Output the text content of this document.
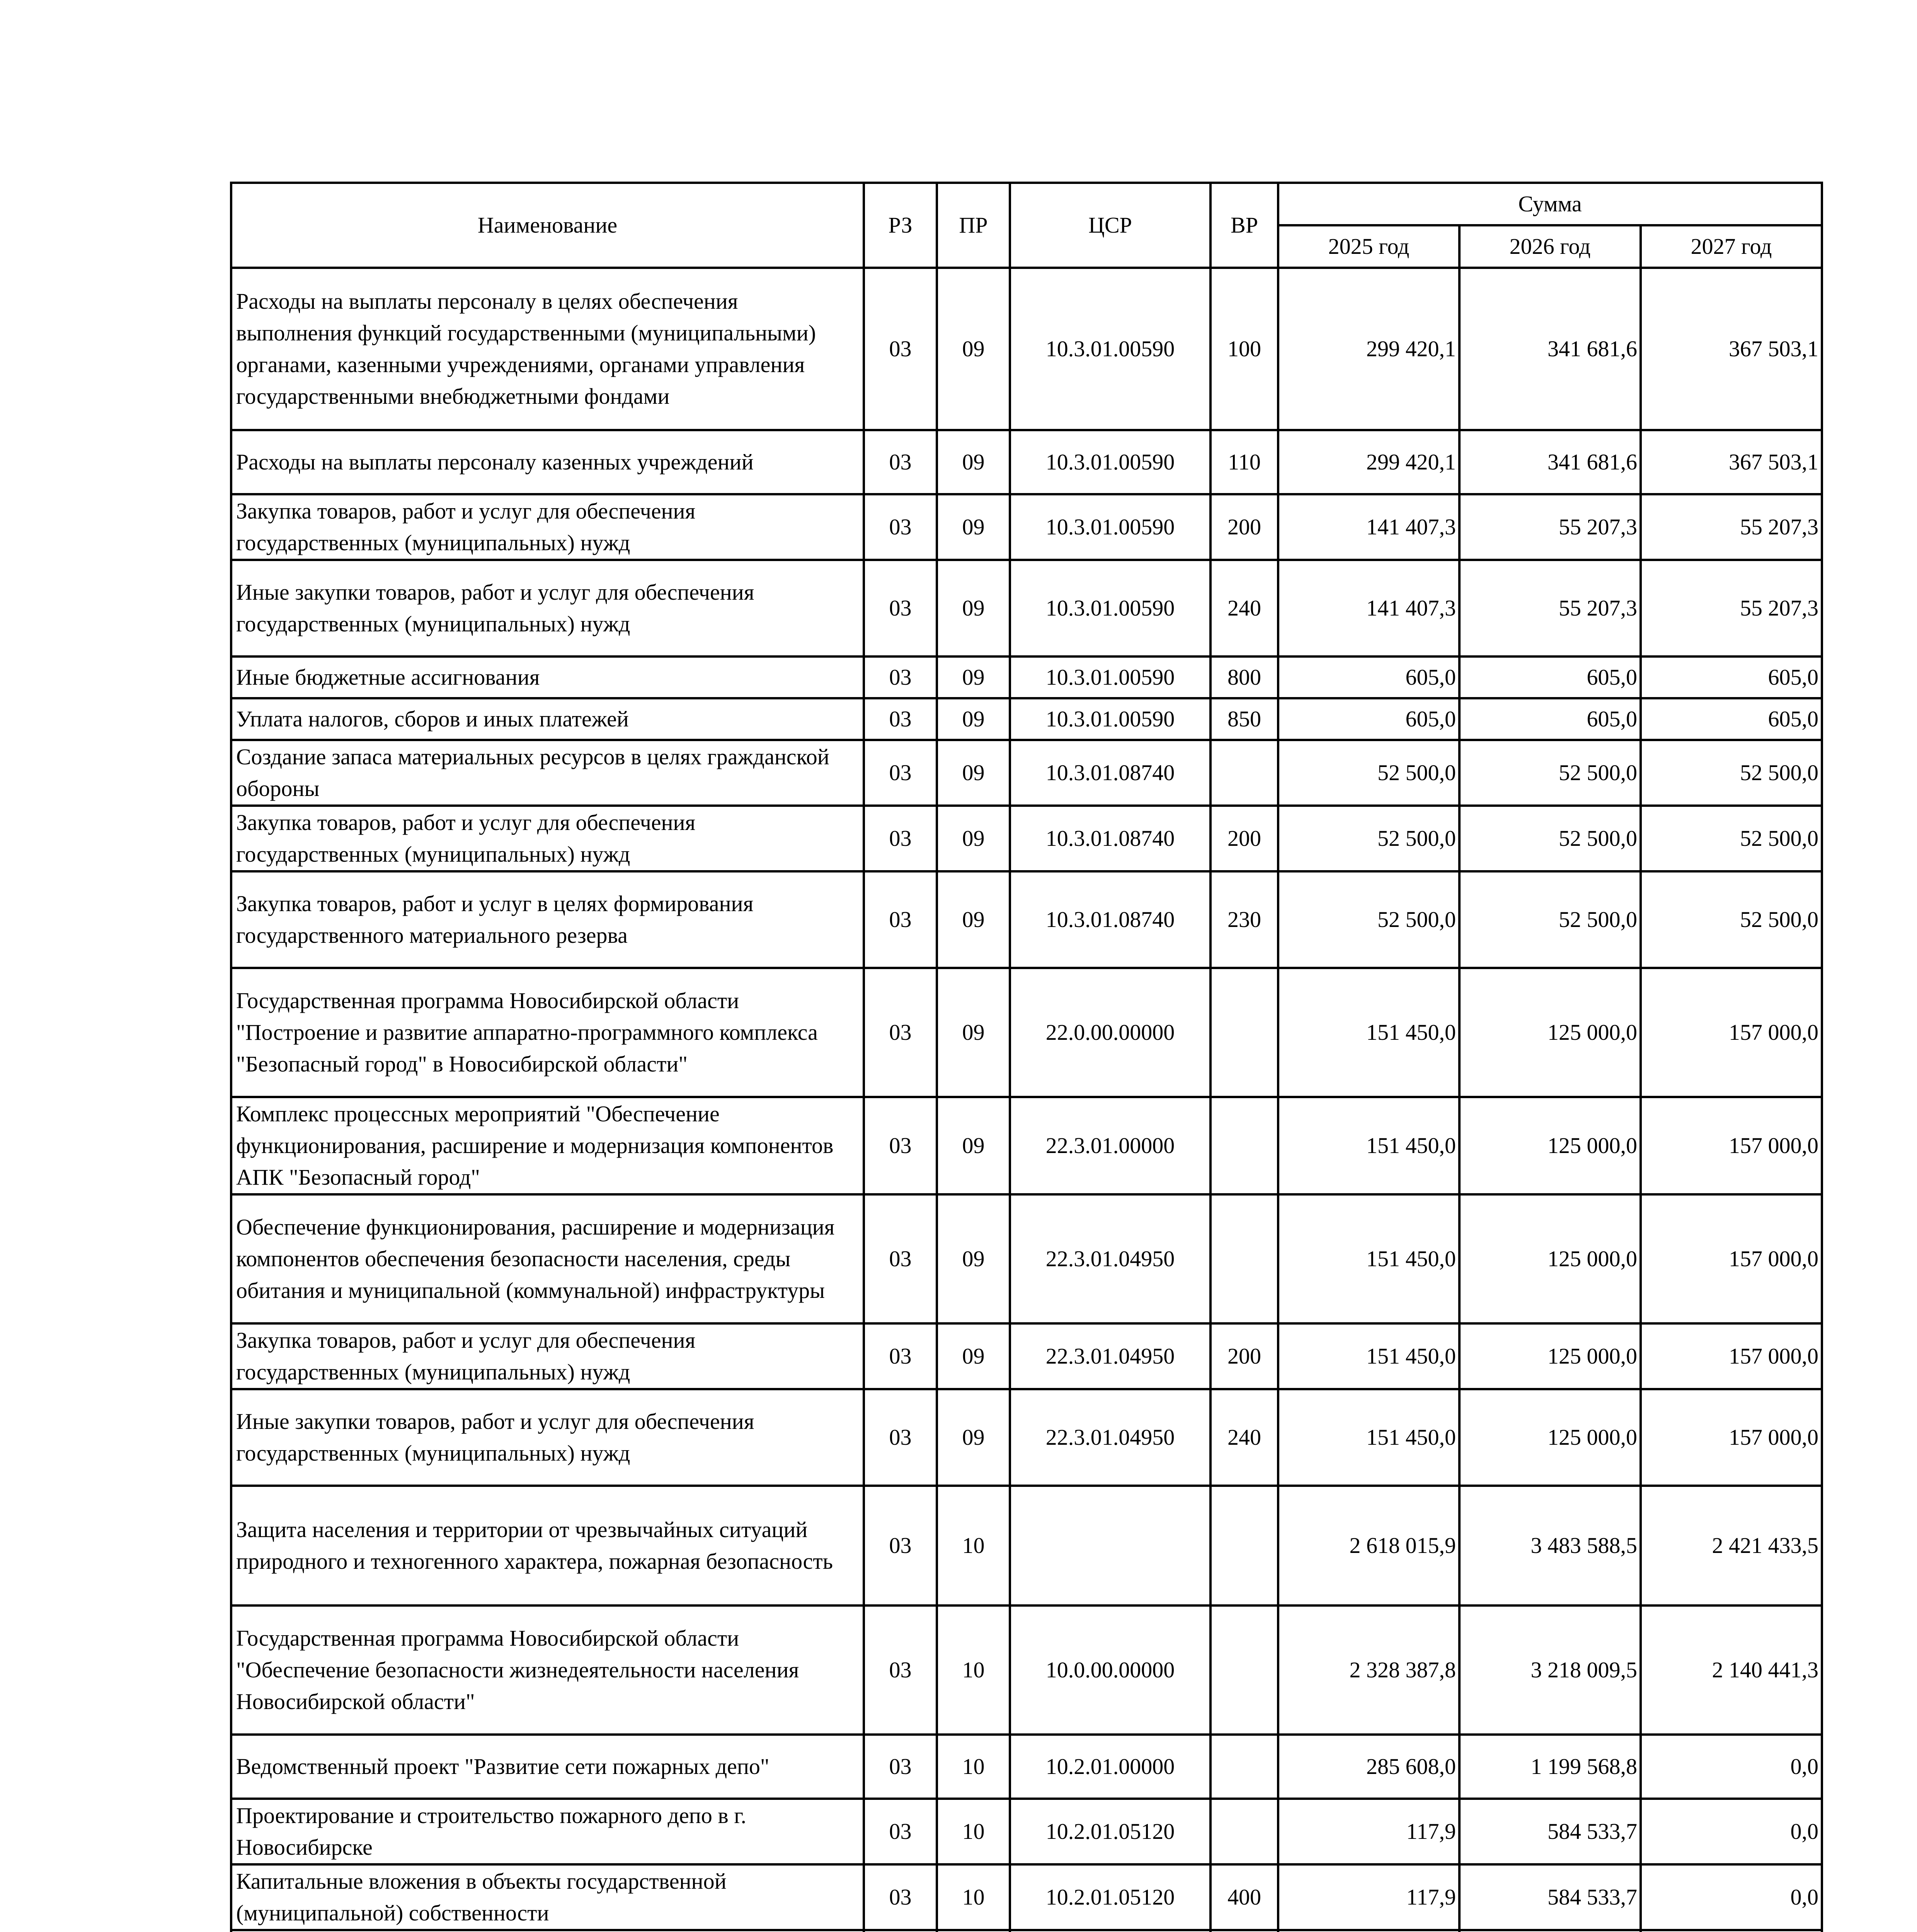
Наименование	РЗ	ПР	ЦСР	ВР	Сумма		
					2025 год	2026 год	2027 год
Расходы на выплаты персоналу в целях обеспечения выполнения функций государственными (муниципальными) органами, казенными учреждениями, органами управления государственными внебюджетными фондами	03	09	10.3.01.00590	100	299 420,1	341 681,6	367 503,1
Расходы на выплаты персоналу казенных учреждений	03	09	10.3.01.00590	110	299 420,1	341 681,6	367 503,1
Закупка товаров, работ и услуг для обеспечения государственных (муниципальных) нужд	03	09	10.3.01.00590	200	141 407,3	55 207,3	55 207,3
Иные закупки товаров, работ и услуг для обеспечения государственных (муниципальных) нужд	03	09	10.3.01.00590	240	141 407,3	55 207,3	55 207,3
Иные бюджетные ассигнования	03	09	10.3.01.00590	800	605,0	605,0	605,0
Уплата налогов, сборов и иных платежей	03	09	10.3.01.00590	850	605,0	605,0	605,0
Создание запаса материальных ресурсов в целях гражданской обороны	03	09	10.3.01.08740		52 500,0	52 500,0	52 500,0
Закупка товаров, работ и услуг для обеспечения государственных (муниципальных) нужд	03	09	10.3.01.08740	200	52 500,0	52 500,0	52 500,0
Закупка товаров, работ и услуг в целях формирования государственного материального резерва	03	09	10.3.01.08740	230	52 500,0	52 500,0	52 500,0
Государственная программа Новосибирской области "Построение и развитие аппаратно-программного комплекса "Безопасный город" в Новосибирской области"	03	09	22.0.00.00000		151 450,0	125 000,0	157 000,0
Комплекс процессных мероприятий "Обеспечение функционирования, расширение и модернизация компонентов АПК "Безопасный город"	03	09	22.3.01.00000		151 450,0	125 000,0	157 000,0
Обеспечение функционирования, расширение и модернизация компонентов обеспечения безопасности населения, среды обитания и муниципальной (коммунальной) инфраструктуры	03	09	22.3.01.04950		151 450,0	125 000,0	157 000,0
Закупка товаров, работ и услуг для обеспечения государственных (муниципальных) нужд	03	09	22.3.01.04950	200	151 450,0	125 000,0	157 000,0
Иные закупки товаров, работ и услуг для обеспечения государственных (муниципальных) нужд	03	09	22.3.01.04950	240	151 450,0	125 000,0	157 000,0
Защита населения и территории от чрезвычайных ситуаций природного и техногенного характера, пожарная безопасность	03	10			2 618 015,9	3 483 588,5	2 421 433,5
Государственная программа Новосибирской области "Обеспечение безопасности жизнедеятельности населения Новосибирской области"	03	10	10.0.00.00000		2 328 387,8	3 218 009,5	2 140 441,3
Ведомственный проект "Развитие сети пожарных депо"	03	10	10.2.01.00000		285 608,0	1 199 568,8	0,0
Проектирование и строительство пожарного депо в г. Новосибирске	03	10	10.2.01.05120		117,9	584 533,7	0,0
Капитальные вложения в объекты государственной (муниципальной) собственности	03	10	10.2.01.05120	400	117,9	584 533,7	0,0
